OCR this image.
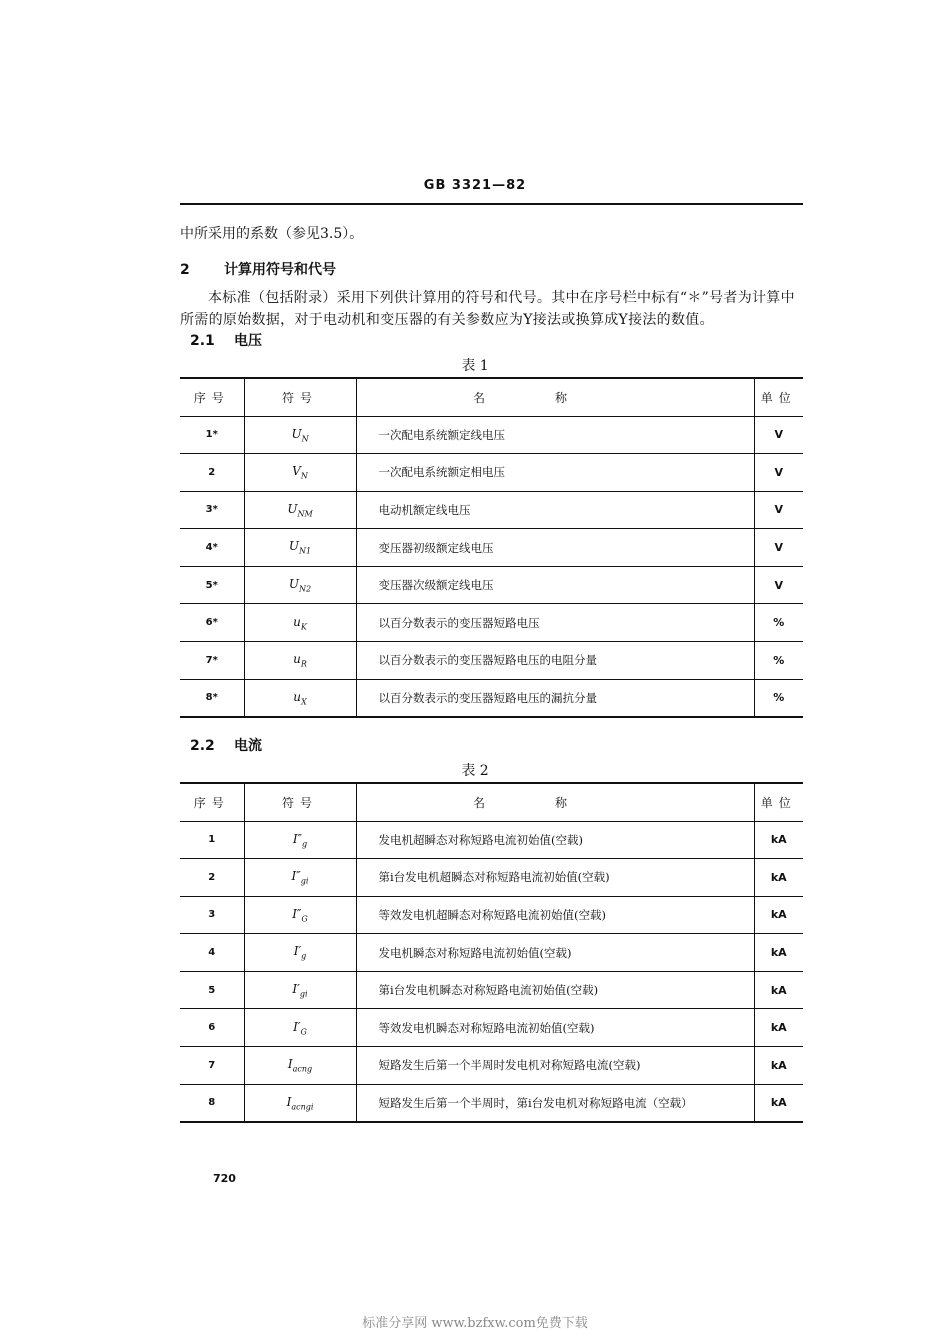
GB 3321—82
中所采用的系数（参见3.5）。
2 计算用符号和代号
本标准（包括附录）采用下列供计算用的符号和代号。其中在序号栏中标有“＊”号者为计算中
所需的原始数据，对于电动机和变压器的有关参数应为Y接法或换算成Y接法的数值。
2.1 电压
表 1
序号	符号	名称	单位
1*	$U_N$	一次配电系统额定线电压	V
2	$V_N$	一次配电系统额定相电压	V
3*	$U_{NM}$	电动机额定线电压	V
4*	$U_{N1}$	变压器初级额定线电压	V
5*	$U_{N2}$	变压器次级额定线电压	V
6*	$u_K$	以百分数表示的变压器短路电压	%
7*	$u_R$	以百分数表示的变压器短路电压的电阻分量	%
8*	$u_X$	以百分数表示的变压器短路电压的漏抗分量	%
2.2 电流
表 2
序号	符号	名称	单位
1	$I''_g$	发电机超瞬态对称短路电流初始值(空载)	kA
2	$I''_{gi}$	第i台发电机超瞬态对称短路电流初始值(空载)	kA
3	$I''_G$	等效发电机超瞬态对称短路电流初始值(空载)	kA
4	$I'_g$	发电机瞬态对称短路电流初始值(空载)	kA
5	$I'_{gi}$	第i台发电机瞬态对称短路电流初始值(空载)	kA
6	$I'_G$	等效发电机瞬态对称短路电流初始值(空载)	kA
7	$I_{acng}$	短路发生后第一个半周时发电机对称短路电流(空载)	kA
8	$I_{acngi}$	短路发生后第一个半周时，第i台发电机对称短路电流（空载）	kA
720
标准分享网 www.bzfxw.com免费下载
